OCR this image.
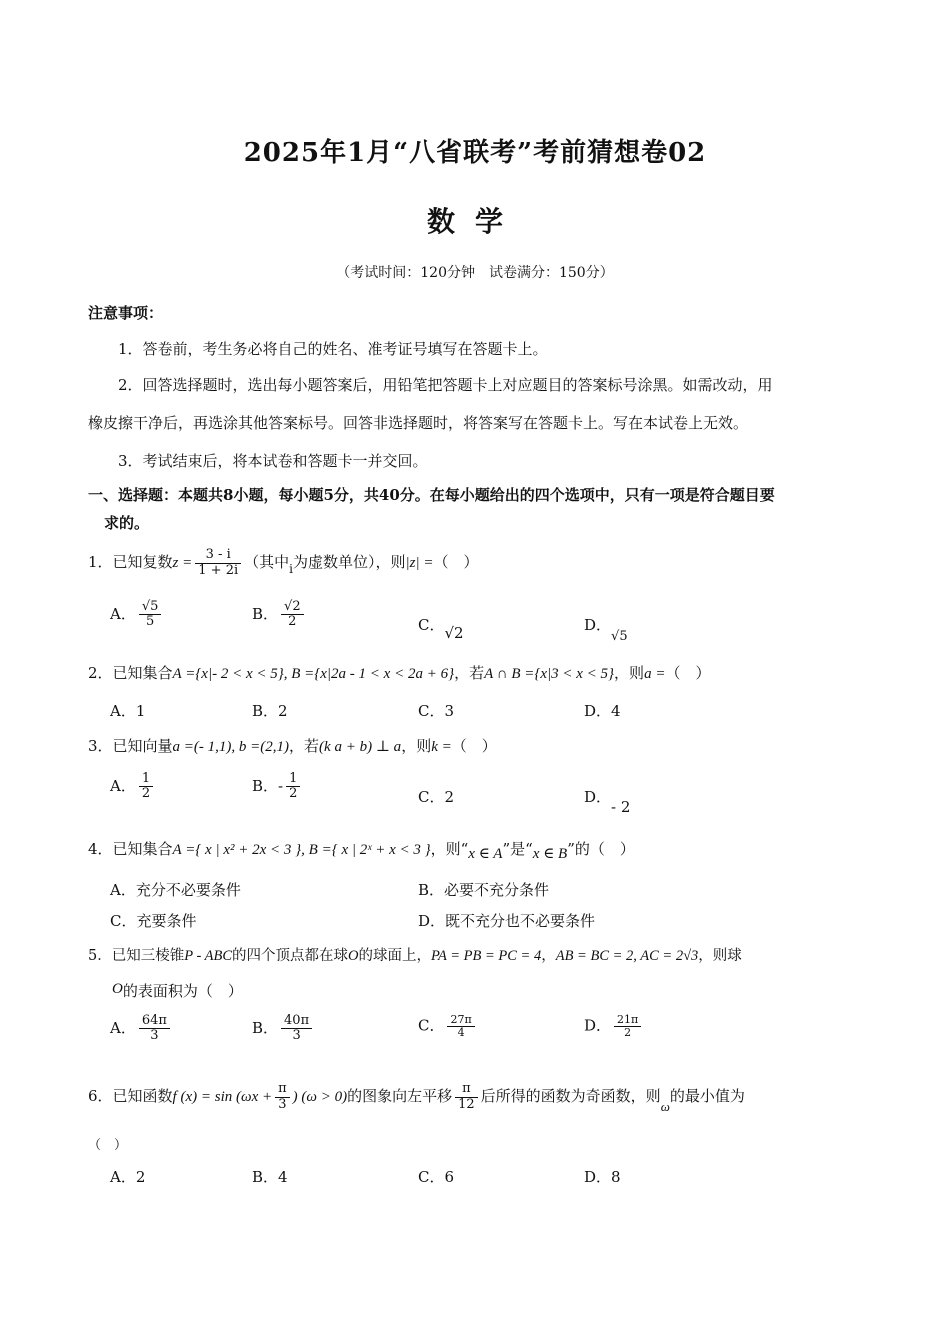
2025年1月“八省联考”考前猜想卷02
数学
（考试时间：120分钟　试卷满分：150分）
注意事项：
1．答卷前，考生务必将自己的姓名、准考证号填写在答题卡上。
2．回答选择题时，选出每小题答案后，用铅笔把答题卡上对应题目的答案标号涂黑。如需改动，用
橡皮擦干净后，再选涂其他答案标号。回答非选择题时，将答案写在答题卡上。写在本试卷上无效。
3．考试结束后，将本试卷和答题卡一并交回。
一、选择题：本题共8小题，每小题5分，共40分。在每小题给出的四个选项中，只有一项是符合题目要
求的。
1．已知复数$z = \frac{3 - i}{1 + 2i}$ （其中$_i$为虚数单位），则|z| =（　）
A． $\frac{√5}{5}$	B． $\frac{√2}{2}$	C．√2	D．√5
2．已知集合A ={x|- 2 < x < 5}, B ={x|2a - 1 < x < 2a + 6}，若A ∩ B ={x|3 < x < 5}，则a =（　）
A．1	B．2	C．3	D．4
3．已知向量a =(- 1,1), b =(2,1)，若(k a + b) ⊥ a，则k =（　）
A． $\frac{1}{2}$	B．- $\frac{1}{2}$	C．2	D．- 2
4．已知集合A ={ x | x² + 2x < 3 }, B ={ x | 2ˣ + x < 3 }，则“x ∈ A”是“x ∈ B”的（　）
A．充分不必要条件	B．必要不充分条件
C．充要条件	D．既不充分也不必要条件
5．已知三棱锥P - ABC的四个顶点都在球O的球面上，PA = PB = PC = 4，AB = BC = 2, AC = 2√3，则球
O的表面积为（　）
A． $\frac{64\pi}{3}$	B． $\frac{40\pi}{3}$	C． $\frac{27\pi}{4}$	D． $\frac{21\pi}{2}$
6．已知函数f $(x) = \sin (\omega x + \frac{\pi}{3}$ ) (ω > 0)的图象向左平移 $\frac{\pi}{12}$ 后所得的函数为奇函数，则ω的最小值为
（　）
A．2	B．4	C．6	D．8
